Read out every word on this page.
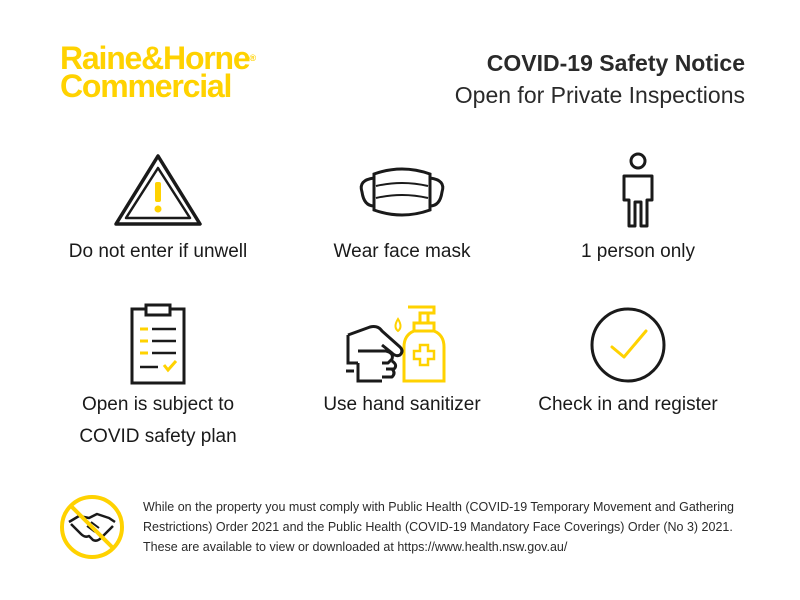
Raine&Horne®
Commercial
COVID-19 Safety Notice
Open for Private Inspections
Do not enter if unwell	Wear face mask	1 person only
Open is subject to
COVID safety plan
Use hand sanitizer	Check in and register
While on the property you must comply with Public Health (COVID-19 Temporary Movement and Gathering Restrictions) Order 2021 and the Public Health (COVID-19 Mandatory Face Coverings) Order (No 3) 2021. These are available to view or downloaded at https://www.health.nsw.gov.au/
